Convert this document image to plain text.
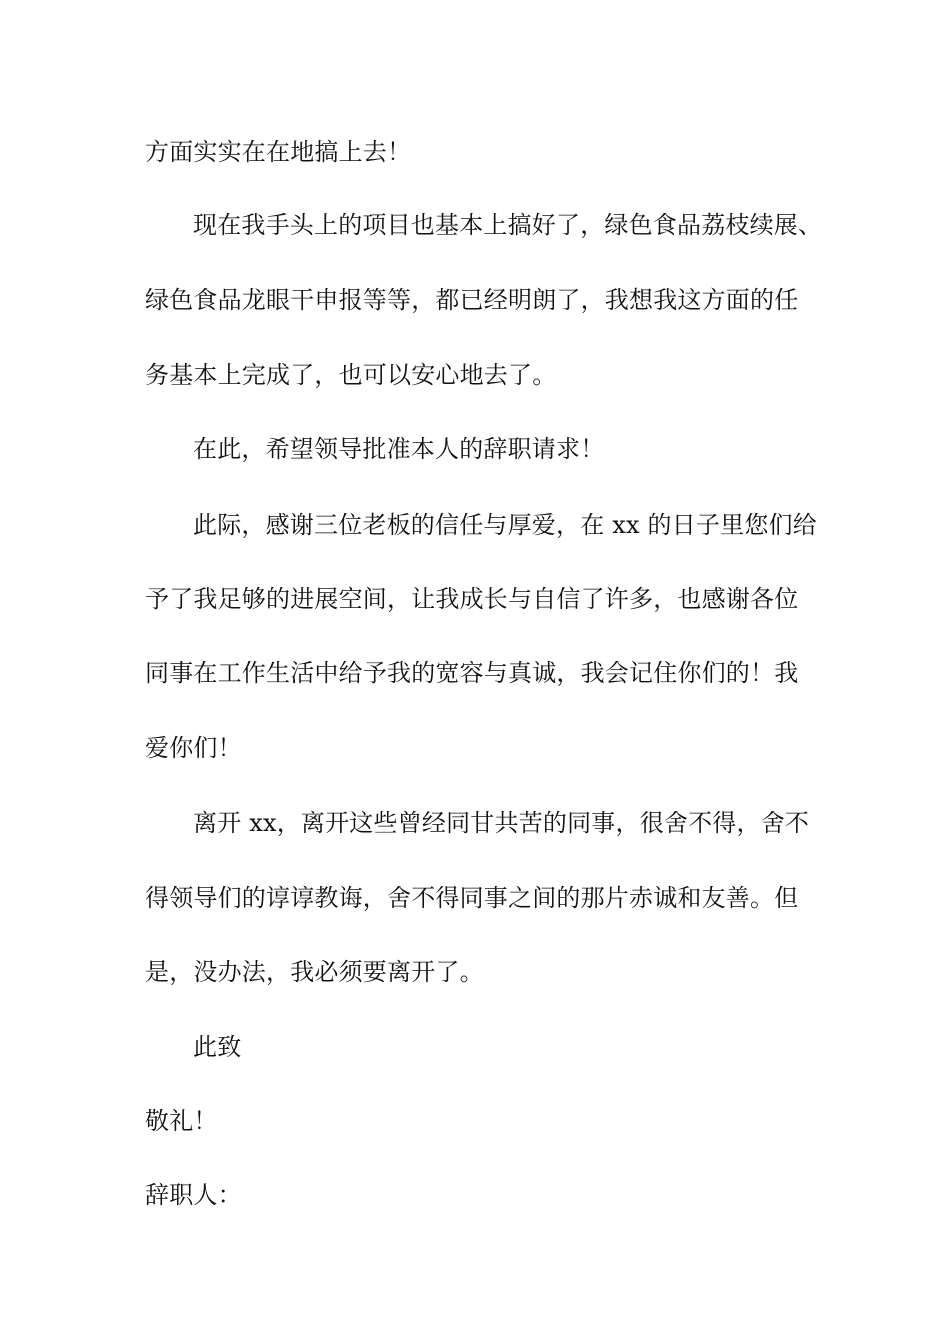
方面实实在在地搞上去！
现在我手头上的项目也基本上搞好了，绿色食品荔枝续展、
绿色食品龙眼干申报等等，都已经明朗了，我想我这方面的任
务基本上完成了，也可以安心地去了。
在此，希望领导批准本人的辞职请求！
此际，感谢三位老板的信任与厚爱，在 xx 的日子里您们给
予了我足够的进展空间，让我成长与自信了许多，也感谢各位
同事在工作生活中给予我的宽容与真诚，我会记住你们的！我
爱你们！
离开 xx，离开这些曾经同甘共苦的同事，很舍不得，舍不
得领导们的谆谆教诲，舍不得同事之间的那片赤诚和友善。但
是，没办法，我必须要离开了。
此致
敬礼！
辞职人：
